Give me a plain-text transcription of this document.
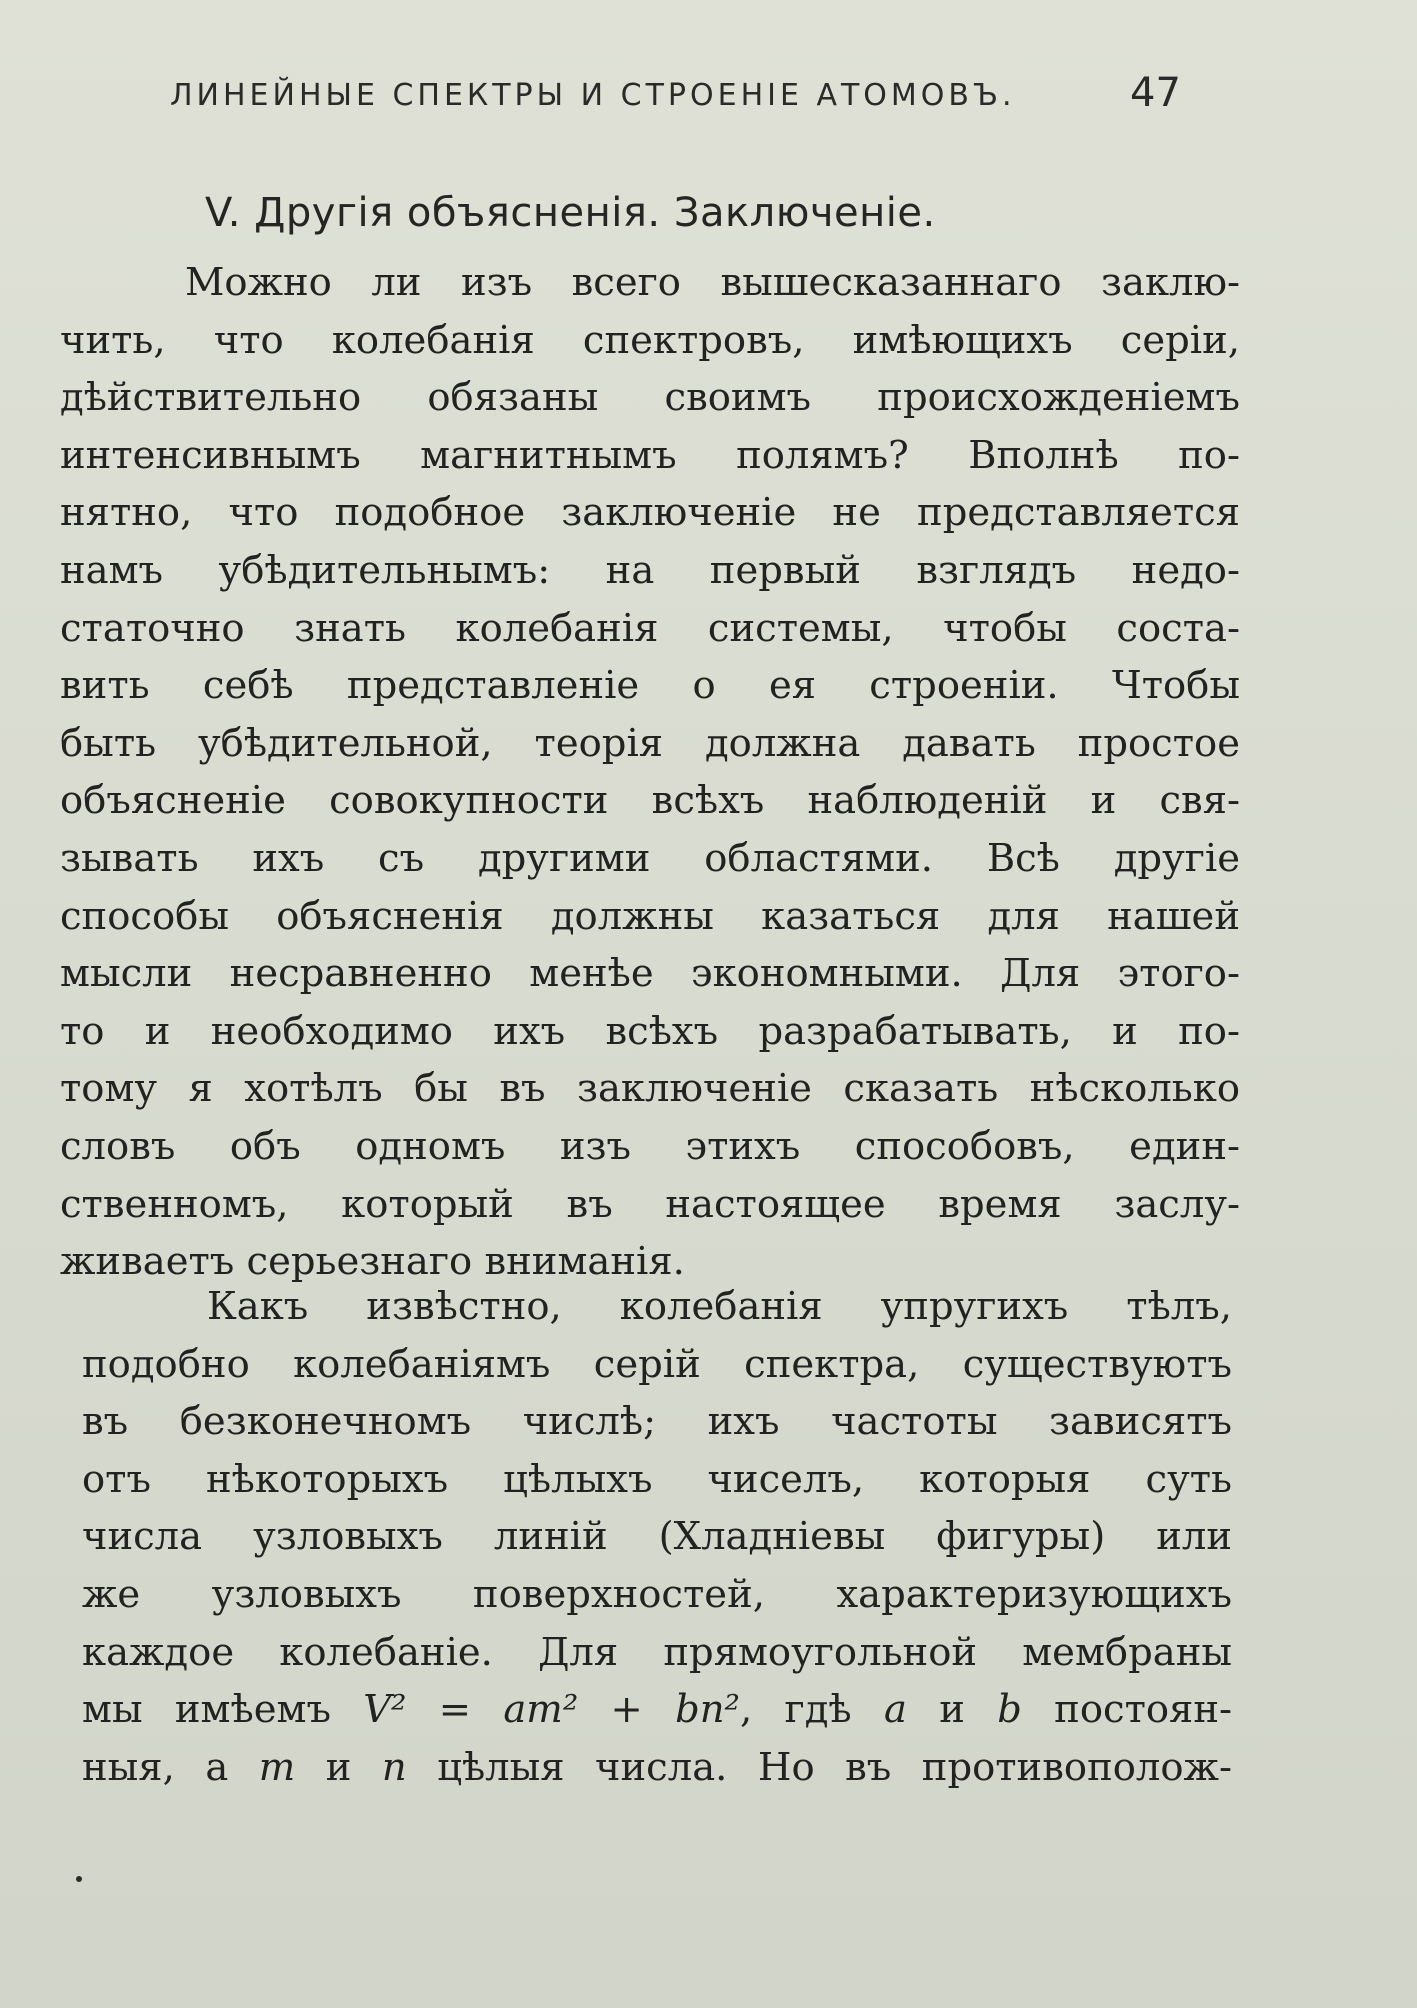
ЛИНЕЙНЫЕ СПЕКТРЫ И СТРОЕНІЕ АТОМОВЪ.	47
V. Другія объясненія. Заключеніе.
Можно ли изъ всего вышесказаннаго заклю-
чить, что колебанія спектровъ, имѣющихъ серіи,
дѣйствительно обязаны своимъ происхожденіемъ
интенсивнымъ магнитнымъ полямъ? Вполнѣ по-
нятно, что подобное заключеніе не представляется
намъ убѣдительнымъ: на первый взглядъ недо-
статочно знать колебанія системы, чтобы соста-
вить себѣ представленіе о ея строеніи. Чтобы
быть убѣдительной, теорія должна давать простое
объясненіе совокупности всѣхъ наблюденій и свя-
зывать ихъ съ другими областями. Всѣ другіе
способы объясненія должны казаться для нашей
мысли несравненно менѣе экономными. Для этого-
то и необходимо ихъ всѣхъ разрабатывать, и по-
тому я хотѣлъ бы въ заключеніе сказать нѣсколько
словъ объ одномъ изъ этихъ способовъ, един-
ственномъ, который въ настоящее время заслу-
живаетъ серьезнаго вниманія.
Какъ извѣстно, колебанія упругихъ тѣлъ,
подобно колебаніямъ серій спектра, существуютъ
въ безконечномъ числѣ; ихъ частоты зависятъ
отъ нѣкоторыхъ цѣлыхъ чиселъ, которыя суть
числа узловыхъ линій (Хладніевы фигуры) или
же узловыхъ поверхностей, характеризующихъ
каждое колебаніе. Для прямоугольной мембраны
мы имѣемъ V² = am² + bn², гдѣ a и b постоян-
ныя, а m и n цѣлыя числа. Но въ противополож-
